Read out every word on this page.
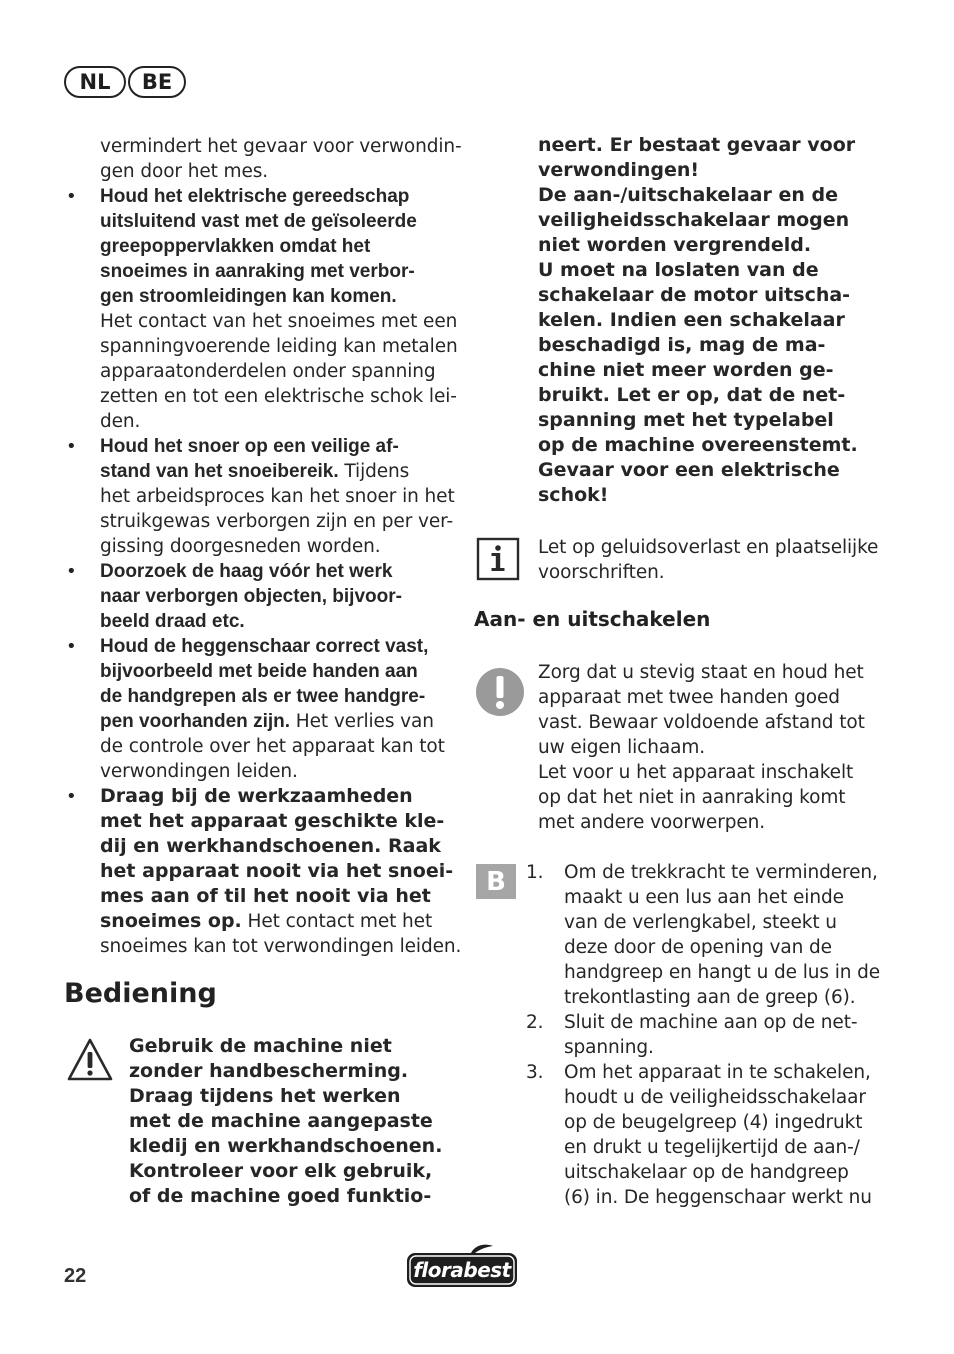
NL	BE
vermindert het gevaar voor verwondin-
gen door het mes.
• Houd het elektrische gereedschap
uitsluitend vast met de geïsoleerde
greepoppervlakken omdat het
snoeimes in aanraking met verbor-
gen stroomleidingen kan komen.
Het contact van het snoeimes met een
spanningvoerende leiding kan metalen
apparaatonderdelen onder spanning
zetten en tot een elektrische schok lei-
den.
• Houd het snoer op een veilige af-
stand van het snoeibereik. Tijdens
het arbeidsproces kan het snoer in het
struikgewas verborgen zijn en per ver-
gissing doorgesneden worden.
• Doorzoek de haag vóór het werk
naar verborgen objecten, bijvoor-
beeld draad etc.
• Houd de heggenschaar correct vast,
bijvoorbeeld met beide handen aan
de handgrepen als er twee handgre-
pen voorhanden zijn. Het verlies van
de controle over het apparaat kan tot
verwondingen leiden.
• Draag bij de werkzaamheden
met het apparaat geschikte kle-
dij en werkhandschoenen. Raak
het apparaat nooit via het snoei-
mes aan of til het nooit via het
snoeimes op. Het contact met het
snoeimes kan tot verwondingen leiden.
Bediening
Gebruik de machine niet
zonder handbescherming.
Draag tijdens het werken
met de machine aangepaste
kledij en werkhandschoenen.
Kontroleer voor elk gebruik,
of de machine goed funktio-
neert. Er bestaat gevaar voor
verwondingen!
De aan-/uitschakelaar en de
veiligheidsschakelaar mogen
niet worden vergrendeld.
U moet na loslaten van de
schakelaar de motor uitscha-
kelen. Indien een schakelaar
beschadigd is, mag de ma-
chine niet meer worden ge-
bruikt. Let er op, dat de net-
spanning met het typelabel
op de machine overeenstemt.
Gevaar voor een elektrische
schok!
Let op geluidsoverlast en plaatselijke
voorschriften.
Aan- en uitschakelen
Zorg dat u stevig staat en houd het
apparaat met twee handen goed
vast. Bewaar voldoende afstand tot
uw eigen lichaam.
Let voor u het apparaat inschakelt
op dat het niet in aanraking komt
met andere voorwerpen.
B	1. Om de trekkracht te verminderen,
maakt u een lus aan het einde
van de verlengkabel, steekt u
deze door de opening van de
handgreep en hangt u de lus in de
trekontlasting aan de greep (6).
2. Sluit de machine aan op de net-
spanning.
3. Om het apparaat in te schakelen,
houdt u de veiligheidsschakelaar
op de beugelgreep (4) ingedrukt
en drukt u tegelijkertijd de aan-/
uitschakelaar op de handgreep
(6) in. De heggenschaar werkt nu
22	florabest
